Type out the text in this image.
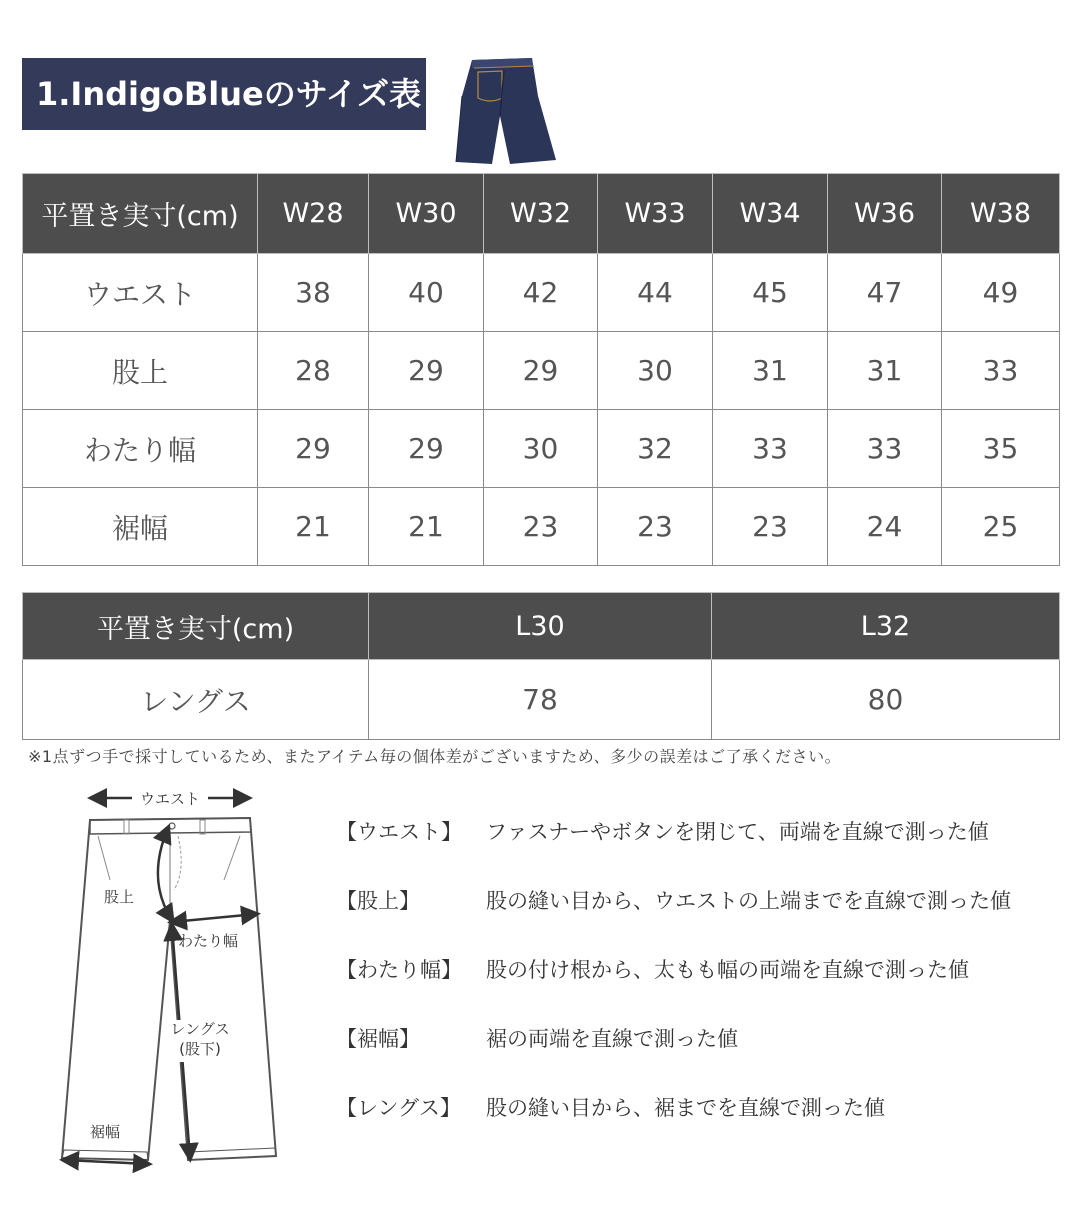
1.IndigoBlueのサイズ表
平置き実寸(cm)	W28	W30	W32	W33	W34	W36	W38
ウエスト	38	40	42	44	45	47	49
股上	28	29	29	30	31	31	33
わたり幅	29	29	30	32	33	33	35
裾幅	21	21	23	23	23	24	25
平置き実寸(cm)	L30	L32
レングス	78	80
※1点ずつ手で採寸しているため、またアイテム毎の個体差がございますため、多少の誤差はご了承ください。
ウエスト
股上
わたり幅
レングス
(股下)
裾幅
【ウエスト】	ファスナーやボタンを閉じて、両端を直線で測った値
【股上】	股の縫い目から、ウエストの上端までを直線で測った値
【わたり幅】	股の付け根から、太もも幅の両端を直線で測った値
【裾幅】	裾の両端を直線で測った値
【レングス】	股の縫い目から、裾までを直線で測った値
